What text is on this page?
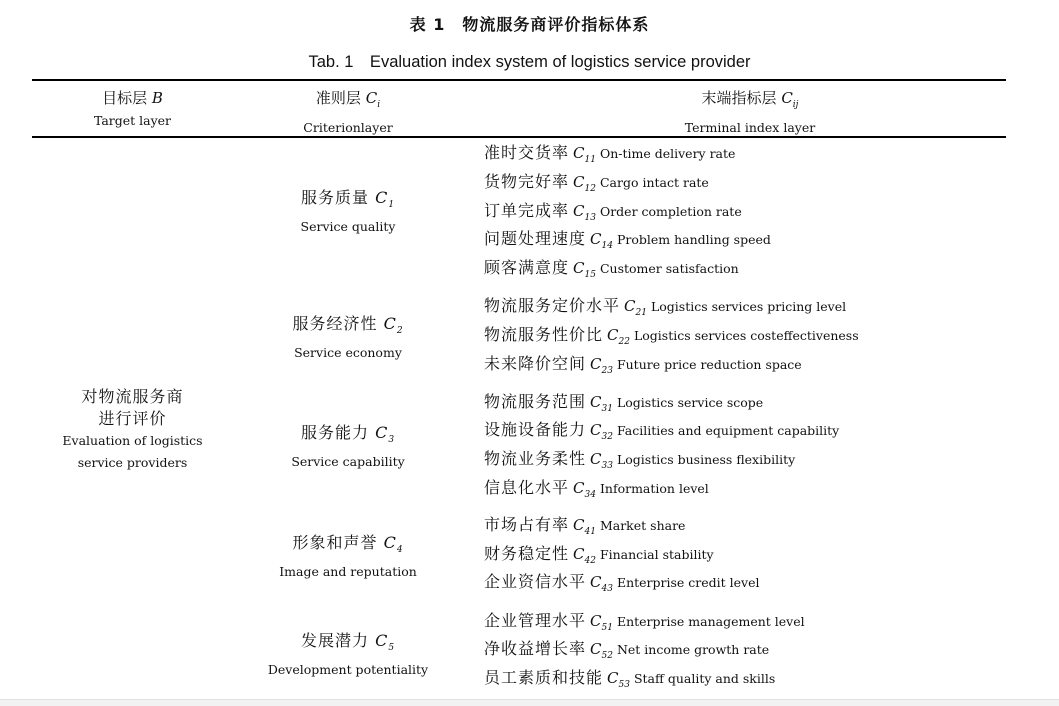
表 1　物流服务商评价指标体系
Tab. 1　Evaluation index system of logistics service provider
目标层 B
Target layer
准则层 $C_i$
Criterionlayer
末端指标层 $C_{ij}$
Terminal index layer
对物流服务商
进行评价
Evaluation of logistics
service providers
服务质量 $C_1$
Service quality
服务经济性 $C_2$
Service economy
服务能力 $C_3$
Service capability
形象和声誉 $C_4$
Image and reputation
发展潜力 $C_5$
Development potentiality
准时交货率 $C_{11}$ On-time delivery rate
货物完好率 $C_{12}$ Cargo intact rate
订单完成率 $C_{13}$ Order completion rate
问题处理速度 $C_{14}$ Problem handling speed
顾客满意度 $C_{15}$ Customer satisfaction
物流服务定价水平 $C_{21}$ Logistics services pricing level
物流服务性价比 $C_{22}$ Logistics services costeffectiveness
未来降价空间 $C_{23}$ Future price reduction space
物流服务范围 $C_{31}$ Logistics service scope
设施设备能力 $C_{32}$ Facilities and equipment capability
物流业务柔性 $C_{33}$ Logistics business flexibility
信息化水平 $C_{34}$ Information level
市场占有率 $C_{41}$ Market share
财务稳定性 $C_{42}$ Financial stability
企业资信水平 $C_{43}$ Enterprise credit level
企业管理水平 $C_{51}$ Enterprise management level
净收益增长率 $C_{52}$ Net income growth rate
员工素质和技能 $C_{53}$ Staff quality and skills
